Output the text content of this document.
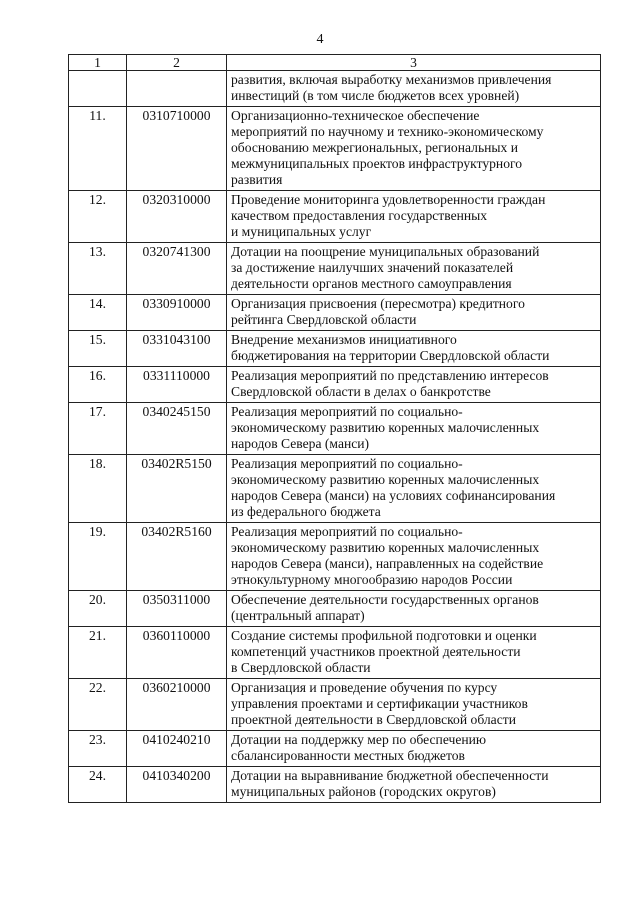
4
1	2	3

		развития, включая выработку механизмов привлечения
инвестиций (в том числе бюджетов всех уровней)

11.	0310710000	Организационно-техническое обеспечение
мероприятий по научному и технико-экономическому
обоснованию межрегиональных, региональных и
межмуниципальных проектов инфраструктурного
развития

12.	0320310000	Проведение мониторинга удовлетворенности граждан
качеством предоставления государственных
и муниципальных услуг

13.	0320741300	Дотации на поощрение муниципальных образований
за достижение наилучших значений показателей
деятельности органов местного самоуправления

14.	0330910000	Организация присвоения (пересмотра) кредитного
рейтинга Свердловской области

15.	0331043100	Внедрение механизмов инициативного
бюджетирования на территории Свердловской области

16.	0331110000	Реализация мероприятий по представлению интересов
Свердловской области в делах о банкротстве

17.	0340245150	Реализация мероприятий по социально-
экономическому развитию коренных малочисленных
народов Севера (манси)

18.	03402R5150	Реализация мероприятий по социально-
экономическому развитию коренных малочисленных
народов Севера (манси) на условиях софинансирования
из федерального бюджета

19.	03402R5160	Реализация мероприятий по социально-
экономическому развитию коренных малочисленных
народов Севера (манси), направленных на содействие
этнокультурному многообразию народов России

20.	0350311000	Обеспечение деятельности государственных органов
(центральный аппарат)

21.	0360110000	Создание системы профильной подготовки и оценки
компетенций участников проектной деятельности
в Свердловской области

22.	0360210000	Организация и проведение обучения по курсу
управления проектами и сертификации участников
проектной деятельности в Свердловской области

23.	0410240210	Дотации на поддержку мер по обеспечению
сбалансированности местных бюджетов

24.	0410340200	Дотации на выравнивание бюджетной обеспеченности
муниципальных районов (городских округов)
